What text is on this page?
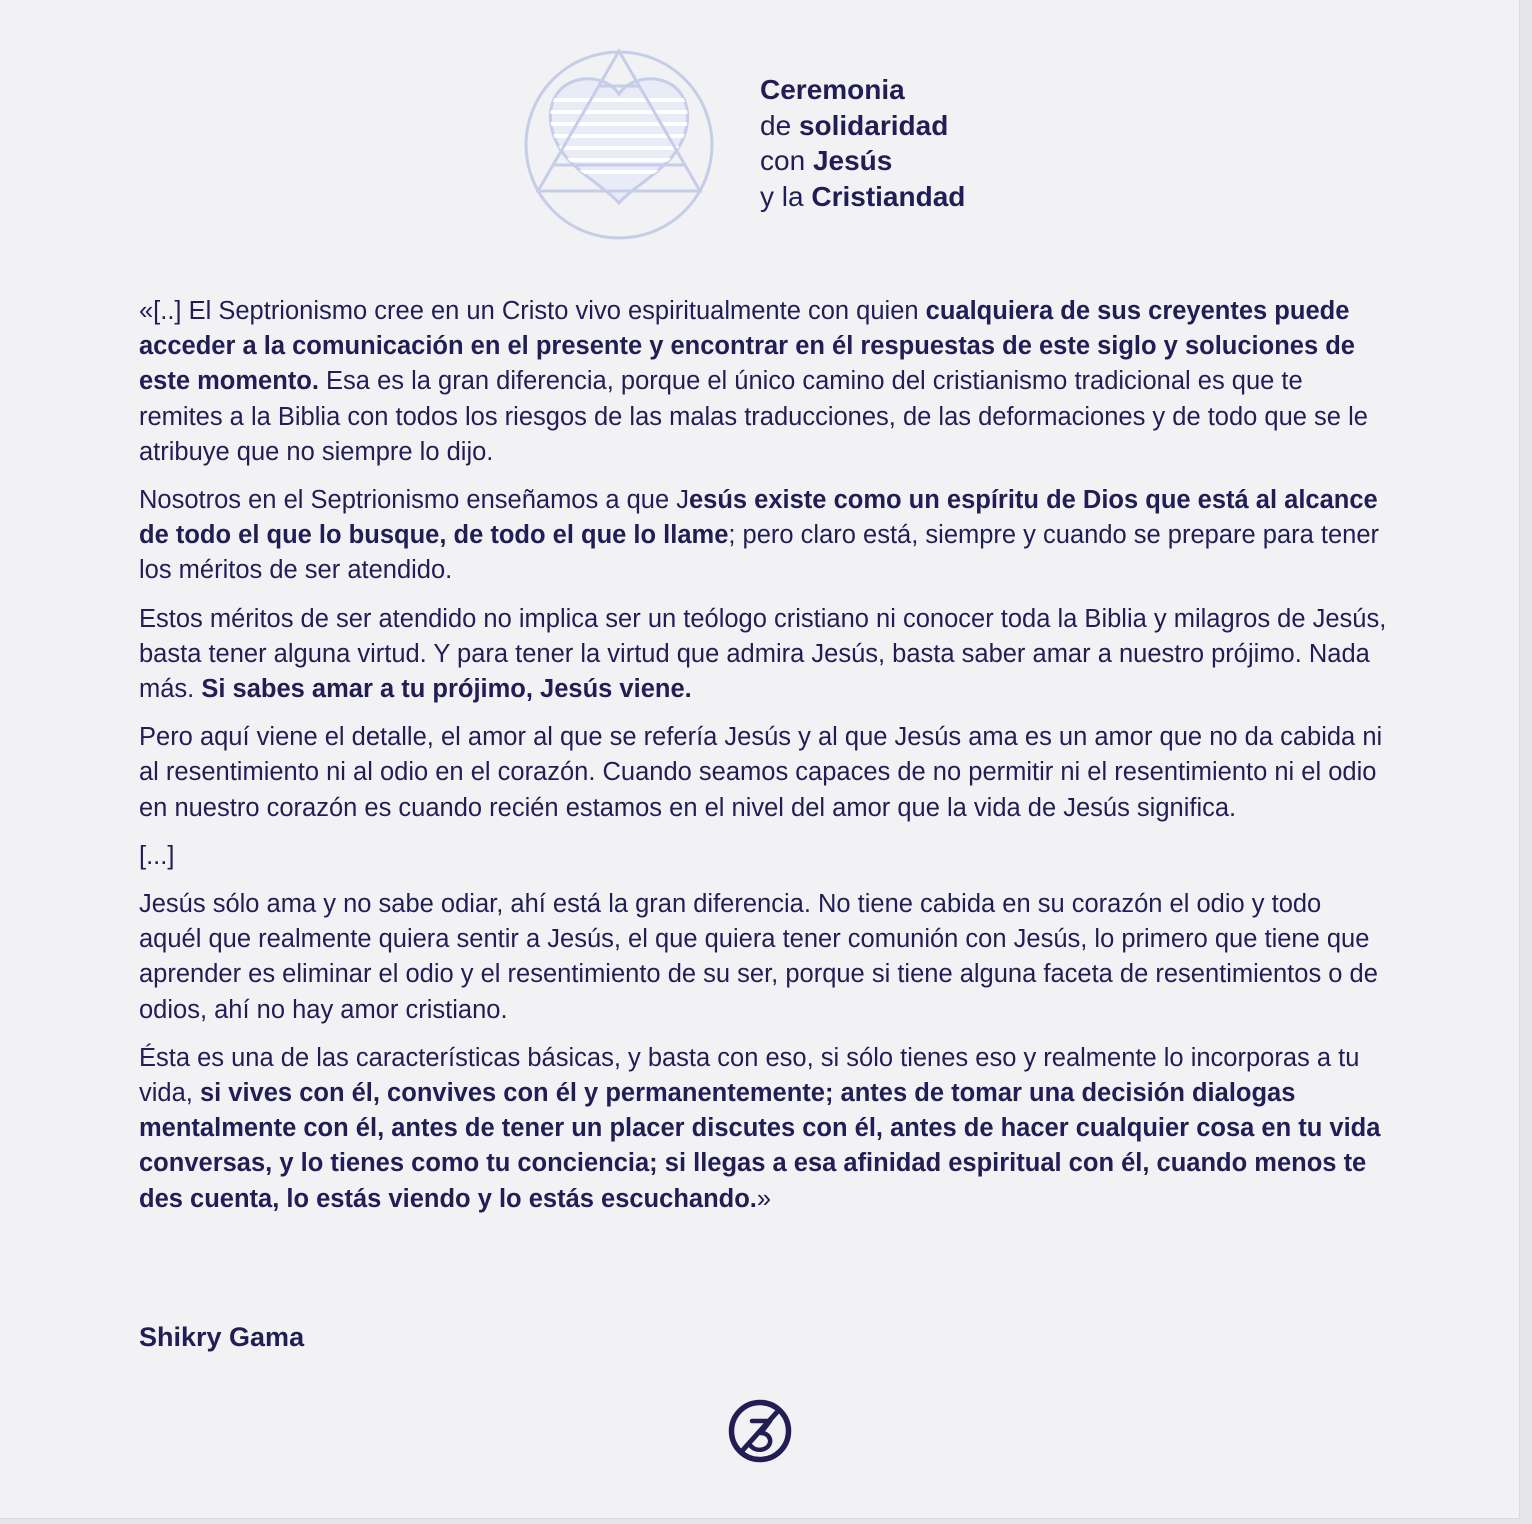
Ceremonia
de solidaridad
con Jesús
y la Cristiandad

«[..] El Septrionismo cree en un Cristo vivo espiritualmente con quien cualquiera de sus creyentes puede acceder a la comunicación en el presente y encontrar en él respuestas de este siglo y soluciones de este momento. Esa es la gran diferencia, porque el único camino del cristianismo tradicional es que te remites a la Biblia con todos los riesgos de las malas traducciones, de las deformaciones y de todo que se le atribuye que no siempre lo dijo.

Nosotros en el Septrionismo enseñamos a que Jesús existe como un espíritu de Dios que está al alcance de todo el que lo busque, de todo el que lo llame; pero claro está, siempre y cuando se prepare para tener los méritos de ser atendido.

Estos méritos de ser atendido no implica ser un teólogo cristiano ni conocer toda la Biblia y milagros de Jesús, basta tener alguna virtud. Y para tener la virtud que admira Jesús, basta saber amar a nuestro prójimo. Nada más. Si sabes amar a tu prójimo, Jesús viene.

Pero aquí viene el detalle, el amor al que se refería Jesús y al que Jesús ama es un amor que no da cabida ni al resentimiento ni al odio en el corazón. Cuando seamos capaces de no permitir ni el resentimiento ni el odio en nuestro corazón es cuando recién estamos en el nivel del amor que la vida de Jesús significa.

[...]

Jesús sólo ama y no sabe odiar, ahí está la gran diferencia. No tiene cabida en su corazón el odio y todo aquél que realmente quiera sentir a Jesús, el que quiera tener comunión con Jesús, lo primero que tiene que aprender es eliminar el odio y el resentimiento de su ser, porque si tiene alguna faceta de resentimientos o de odios, ahí no hay amor cristiano.

Ésta es una de las características básicas, y basta con eso, si sólo tienes eso y realmente lo incorporas a tu vida, si vives con él, convives con él y permanentemente; antes de tomar una decisión dialogas mentalmente con él, antes de tener un placer discutes con él, antes de hacer cualquier cosa en tu vida conversas, y lo tienes como tu conciencia; si llegas a esa afinidad espiritual con él, cuando menos te des cuenta, lo estás viendo y lo estás escuchando.»

Shikry Gama
